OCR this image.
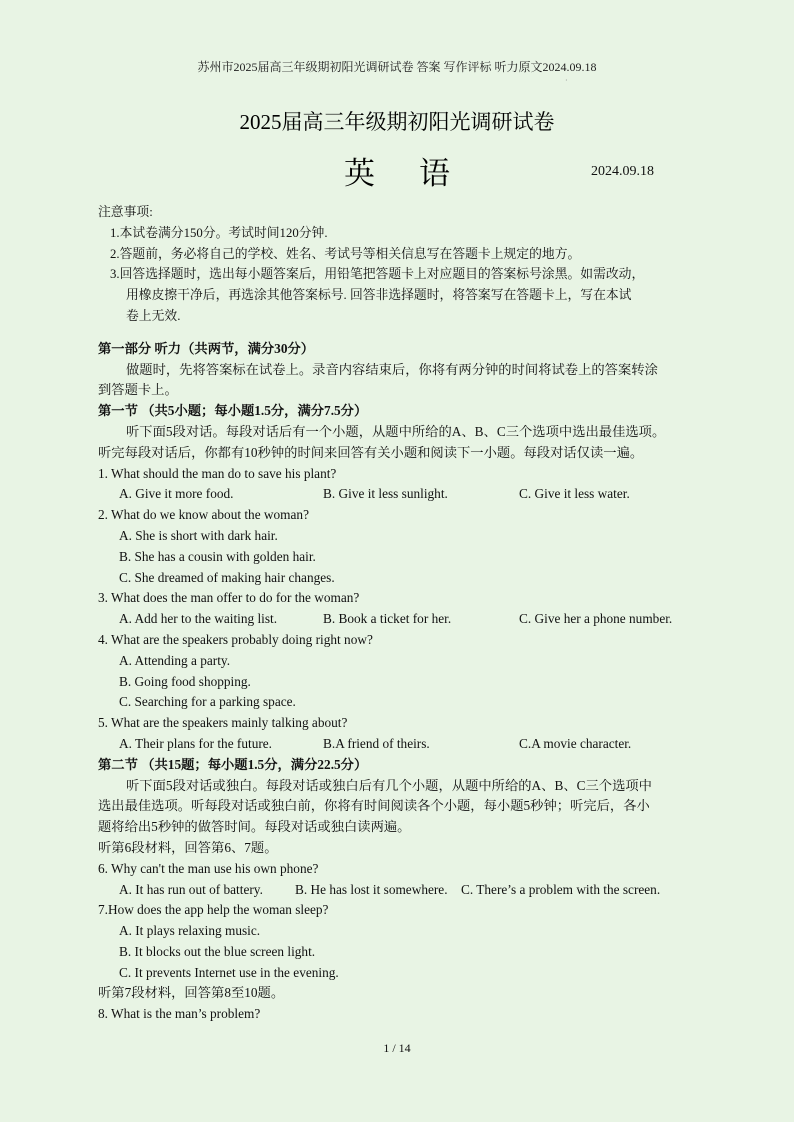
苏州市2025届高三年级期初阳光调研试卷 答案 写作评标 听力原文2024.09.18
·
2025届高三年级期初阳光调研试卷
英语	2024.09.18
注意事项:
1.本试卷满分150分。考试时间120分钟.
2.答题前，务必将自己的学校、姓名、考试号等相关信息写在答题卡上规定的地方。
3.回答选择题时，选出每小题答案后，用铅笔把答题卡上对应题目的答案标号涂黑。如需改动，
用橡皮擦干净后，再选涂其他答案标号. 回答非选择题时，将答案写在答题卡上，写在本试
卷上无效.
第一部分 听力（共两节，满分30分）
做题时，先将答案标在试卷上。录音内容结束后，你将有两分钟的时间将试卷上的答案转涂
到答题卡上。
第一节 （共5小题；每小题1.5分，满分7.5分）
听下面5段对话。每段对话后有一个小题，从题中所给的A、B、C三个选项中选出最佳选项。
听完每段对话后，你都有10秒钟的时间来回答有关小题和阅读下一小题。每段对话仅读一遍。
1. What should the man do to save his plant?
A. Give it more food.	B. Give it less sunlight.	C. Give it less water.
2. What do we know about the woman?
A. She is short with dark hair.
B. She has a cousin with golden hair.
C. She dreamed of making hair changes.
3. What does the man offer to do for the woman?
A. Add her to the waiting list.	B. Book a ticket for her.	C. Give her a phone number.
4. What are the speakers probably doing right now?
A. Attending a party.
B. Going food shopping.
C. Searching for a parking space.
5. What are the speakers mainly talking about?
A. Their plans for the future.	B.A friend of theirs.	C.A movie character.
第二节 （共15题；每小题1.5分，满分22.5分）
听下面5段对话或独白。每段对话或独白后有几个小题，从题中所给的A、B、C三个选项中
选出最佳选项。听每段对话或独白前，你将有时间阅读各个小题，每小题5秒钟；听完后，各小
题将给出5秒钟的做答时间。每段对话或独白读两遍。
听第6段材料，回答第6、7题。
6. Why can't the man use his own phone?
A. It has run out of battery.	B. He has lost it somewhere.	C. There’s a problem with the screen.
7.How does the app help the woman sleep?
A. It plays relaxing music.
B. It blocks out the blue screen light.
C. It prevents Internet use in the evening.
听第7段材料，回答第8至10题。
8. What is the man’s problem?
1 / 14
